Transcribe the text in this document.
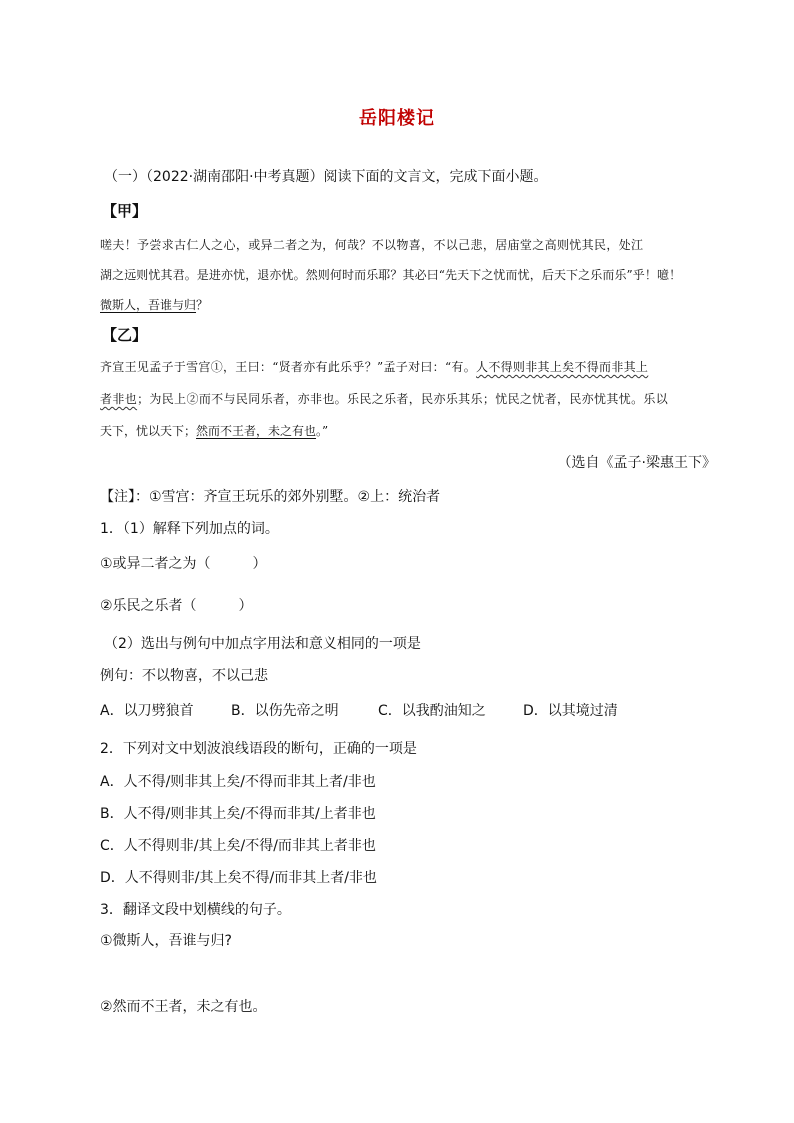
岳阳楼记
（一）（2022·湖南邵阳·中考真题）阅读下面的文言文，完成下面小题。
【甲】
嗟夫！予尝求古仁人之心，或异二者之为，何哉？不以物喜，不以己悲，居庙堂之高则忧其民，处江
湖之远则忧其君。是进亦忧，退亦忧。然则何时而乐耶？其必曰“先天下之忧而忧，后天下之乐而乐”乎！噫！
微斯人，吾谁与归？
【乙】
齐宣王见孟子于雪宫①，王曰：“贤者亦有此乐乎？”孟子对曰：“有。人不得则非其上矣不得而非其上
者非也；为民上②而不与民同乐者，亦非也。乐民之乐者，民亦乐其乐；忧民之忧者，民亦忧其忧。乐以
天下，忧以天下；然而不王者，未之有也。”
（选自《孟子·梁惠王下》
【注】：①雪宫：齐宣王玩乐的郊外别墅。②上：统治者
1．（1）解释下列加点的词。
①或异二者之为（　　　）
②乐民之乐者（　　　）
（2）选出与例句中加点字用法和意义相同的一项是
例句：不以物喜，不以己悲
A．以刀劈狼首	B．以伤先帝之明	C．以我酌油知之	D．以其境过清
2．下列对文中划波浪线语段的断句，正确的一项是
A．人不得/则非其上矣/不得而非其上者/非也
B．人不得/则非其上矣/不得而非其/上者非也
C．人不得则非/其上矣/不得/而非其上者非也
D．人不得则非/其上矣不得/而非其上者/非也
3．翻译文段中划横线的句子。
①微斯人，吾谁与归?
②然而不王者，未之有也。
